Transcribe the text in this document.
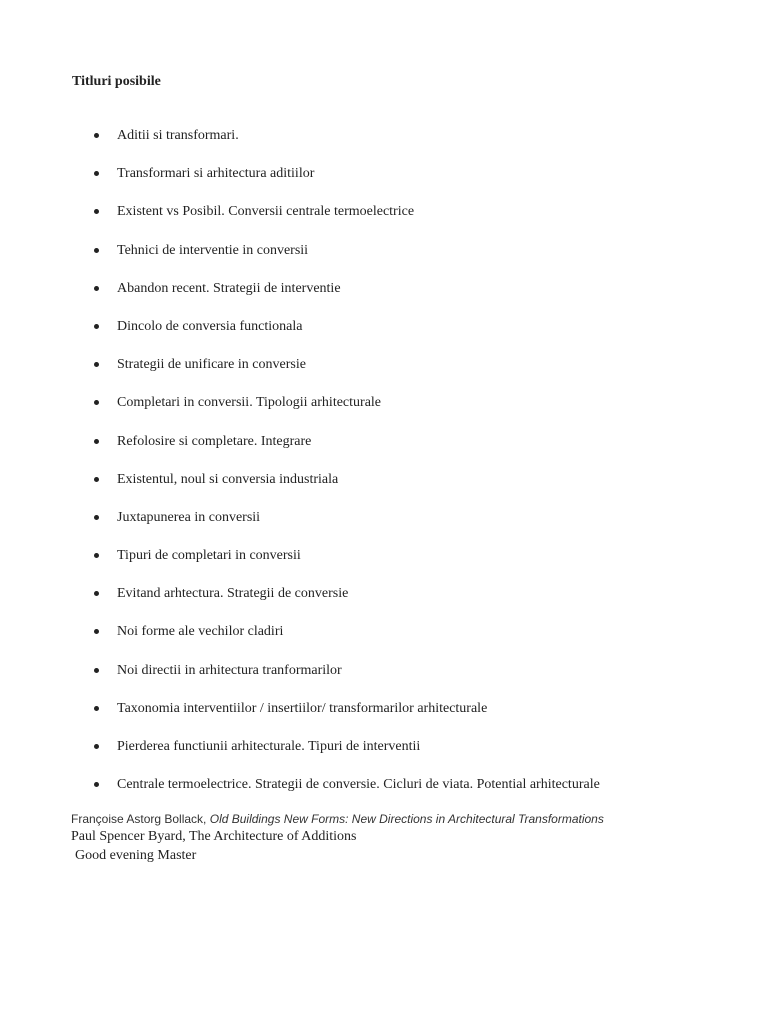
Titluri posibile
Aditii si transformari.
Transformari si arhitectura aditiilor
Existent vs Posibil. Conversii centrale termoelectrice
Tehnici de interventie in conversii
Abandon recent. Strategii de interventie
Dincolo de conversia functionala
Strategii de unificare in conversie
Completari in conversii. Tipologii arhitecturale
Refolosire si completare. Integrare
Existentul, noul si conversia industriala
Juxtapunerea in conversii
Tipuri de completari in conversii
Evitand arhtectura. Strategii de conversie
Noi forme ale vechilor cladiri
Noi directii in arhitectura tranformarilor
Taxonomia interventiilor / insertiilor/ transformarilor arhitecturale
Pierderea functiunii arhitecturale. Tipuri de interventii
Centrale termoelectrice. Strategii de conversie. Cicluri de viata. Potential arhitecturale
Françoise Astorg Bollack, Old Buildings New Forms: New Directions in Architectural Transformations
Paul Spencer Byard, The Architecture of Additions
Good evening Master
